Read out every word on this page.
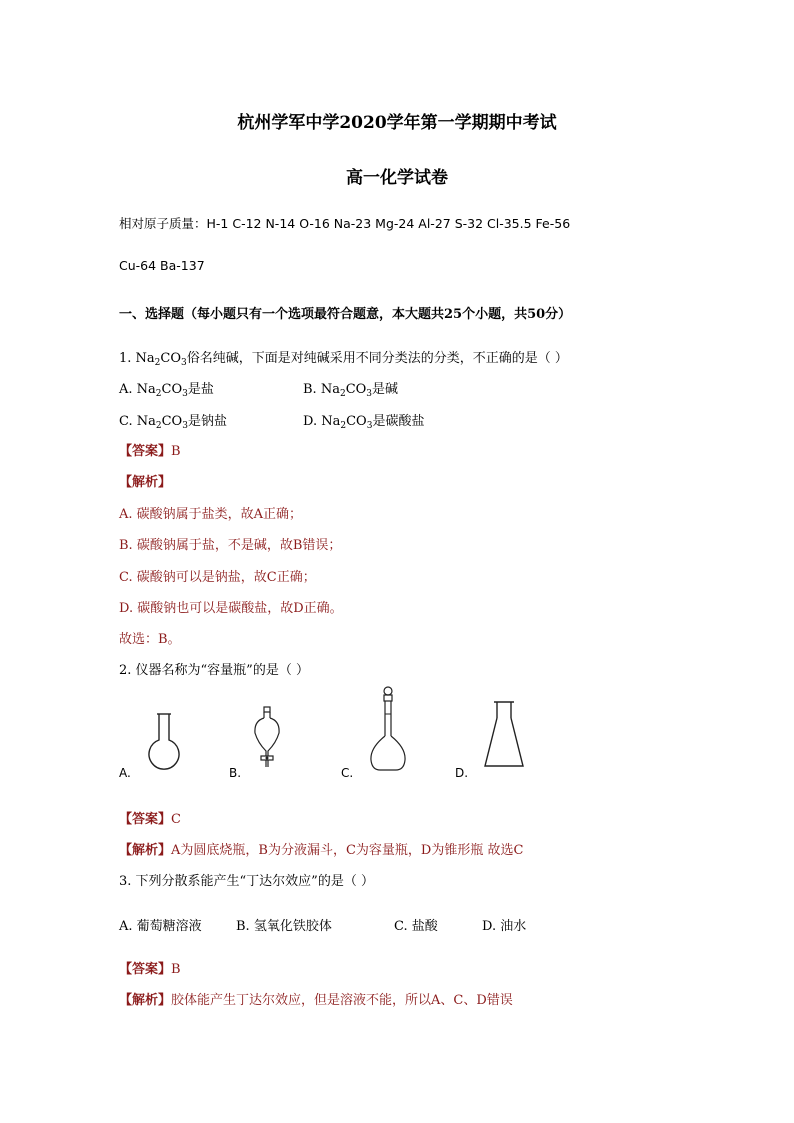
杭州学军中学2020学年第一学期期中考试
高一化学试卷
相对原子质量：H-1 C-12 N-14 O-16 Na-23 Mg-24 Al-27 S-32 Cl-35.5 Fe-56
Cu-64 Ba-137
一、选择题（每小题只有一个选项最符合题意，本大题共25个小题，共50分）
1. $Na_2CO_3$俗名纯碱，下面是对纯碱采用不同分类法的分类，不正确的是（ ）
A. $Na_2CO_3$是盐	B. $Na_2CO_3$是碱
C. $Na_2CO_3$是钠盐	D. $Na_2CO_3$是碳酸盐
【答案】B
【解析】
A. 碳酸钠属于盐类，故A正确；
B. 碳酸钠属于盐，不是碱，故B错误；
C. 碳酸钠可以是钠盐，故C正确；
D. 碳酸钠也可以是碳酸盐，故D正确。
故选：B。
2. 仪器名称为“容量瓶”的是（ ）
A.	B.	C.	D.
【答案】C
【解析】A为圆底烧瓶，B为分液漏斗，C为容量瓶，D为锥形瓶 故选C
3. 下列分散系能产生“丁达尔效应”的是（ ）
A. 葡萄糖溶液	B. 氢氧化铁胶体	C. 盐酸	D. 油水
【答案】B
【解析】胶体能产生丁达尔效应，但是溶液不能，所以A、C、D错误
